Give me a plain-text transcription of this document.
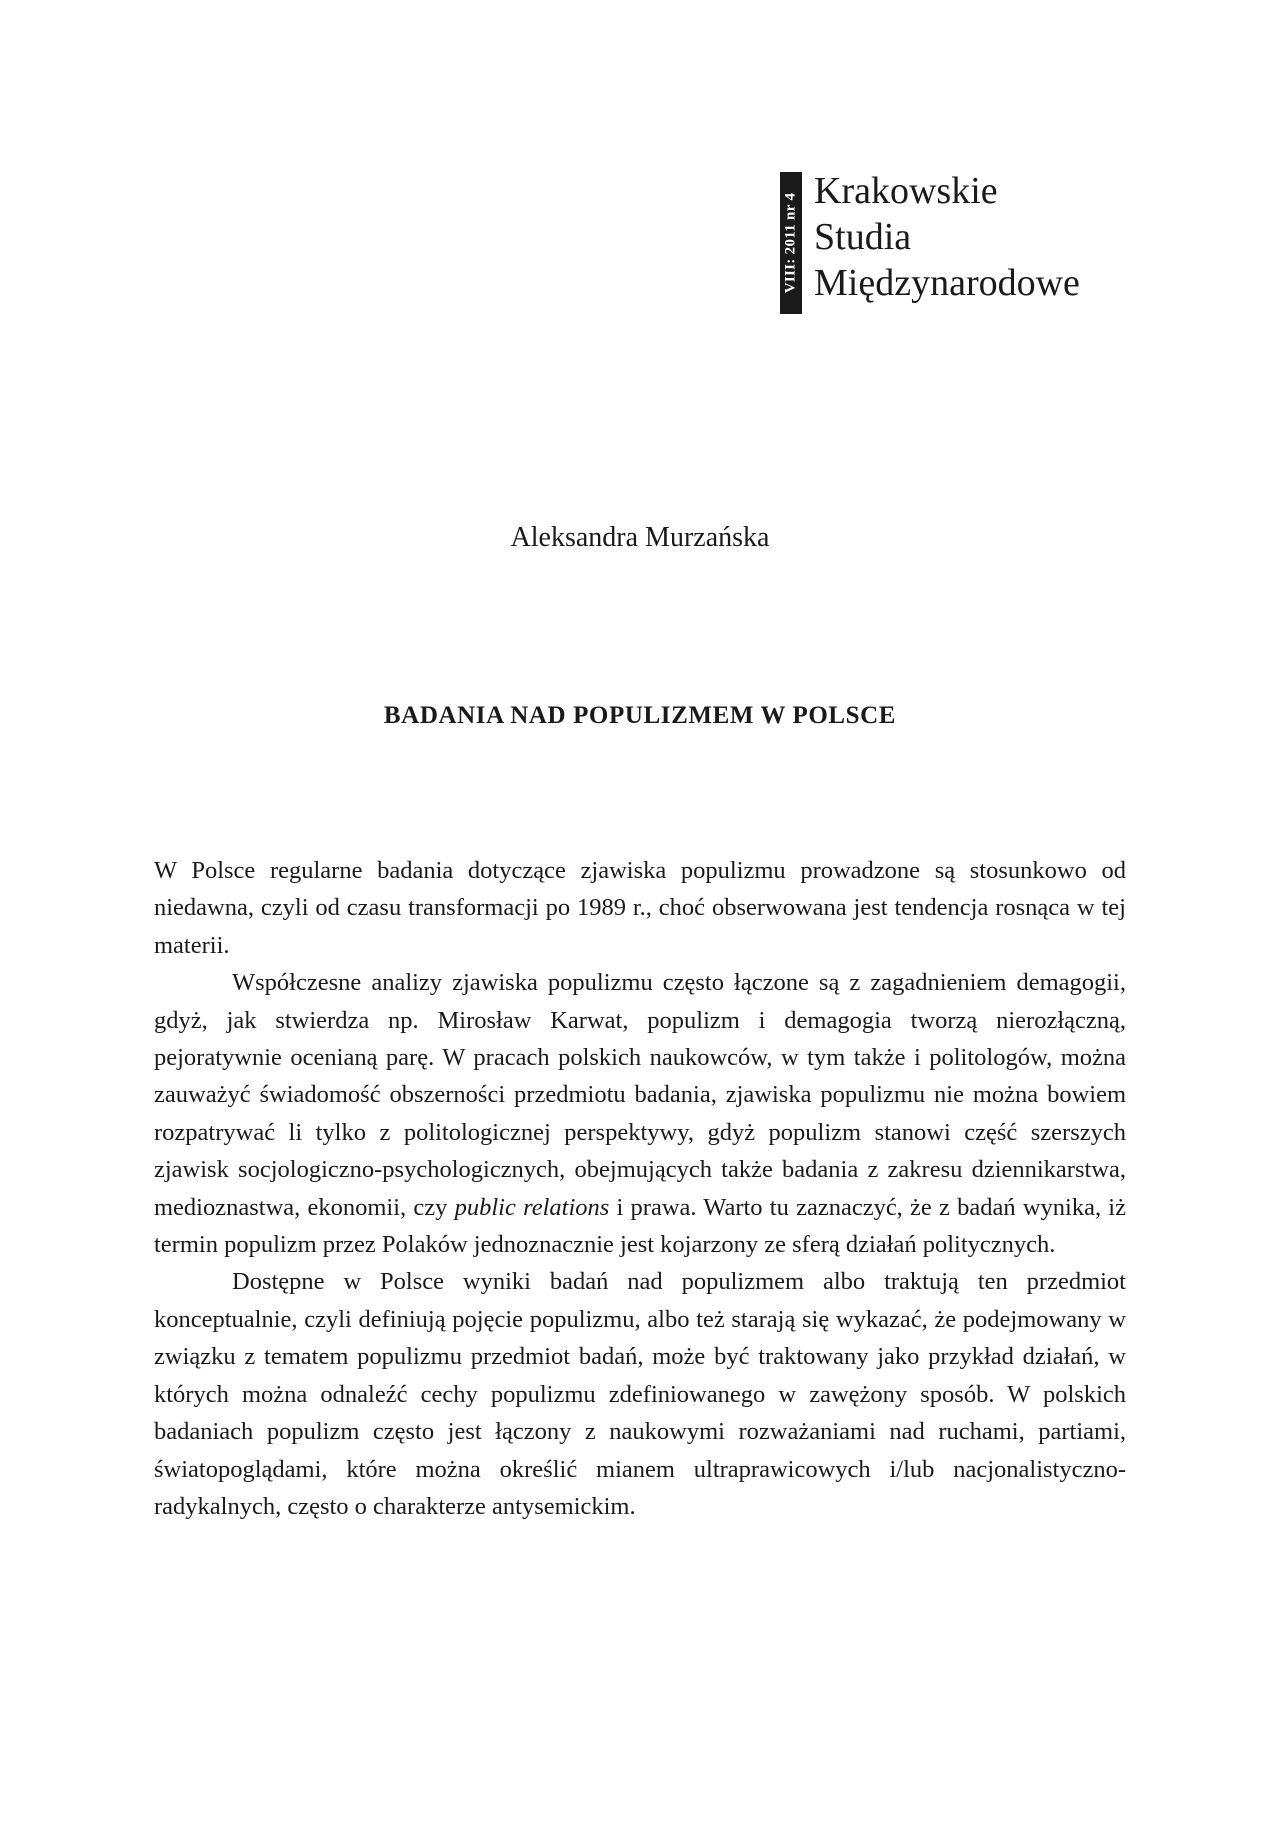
VIII: 2011 nr 4
Krakowskie
Studia
Międzynarodowe
Aleksandra Murzańska
BADANIA NAD POPULIZMEM W POLSCE

W Polsce regularne badania dotyczące zjawiska populizmu prowadzone są stosunkowo od niedawna, czyli od czasu transformacji po 1989 r., choć obserwowana jest tendencja rosnąca w tej materii.

Współczesne analizy zjawiska populizmu często łączone są z zagadnieniem demagogii, gdyż, jak stwierdza np. Mirosław Karwat, populizm i demagogia tworzą nierozłączną, pejoratywnie ocenianą parę. W pracach polskich naukowców, w tym także i politologów, można zauważyć świadomość obszerności przedmiotu badania, zjawiska populizmu nie można bowiem rozpatrywać li tylko z politologicznej perspektywy, gdyż populizm stanowi część szerszych zjawisk socjologiczno-psychologicznych, obejmujących także badania z zakresu dziennikarstwa, medioznastwa, ekonomii, czy public relations i prawa. Warto tu zaznaczyć, że z badań wynika, iż termin populizm przez Polaków jednoznacznie jest kojarzony ze sferą działań politycznych.

Dostępne w Polsce wyniki badań nad populizmem albo traktują ten przedmiot konceptualnie, czyli definiują pojęcie populizmu, albo też starają się wykazać, że podejmowany w związku z tematem populizmu przedmiot badań, może być traktowany jako przykład działań, w których można odnaleźć cechy populizmu zdefiniowanego w zawężony sposób. W polskich badaniach populizm często jest łączony z naukowymi rozważaniami nad ruchami, partiami, światopoglądami, które można określić mianem ultraprawicowych i/lub nacjonalistyczno-radykalnych, często o charakterze antysemickim.
